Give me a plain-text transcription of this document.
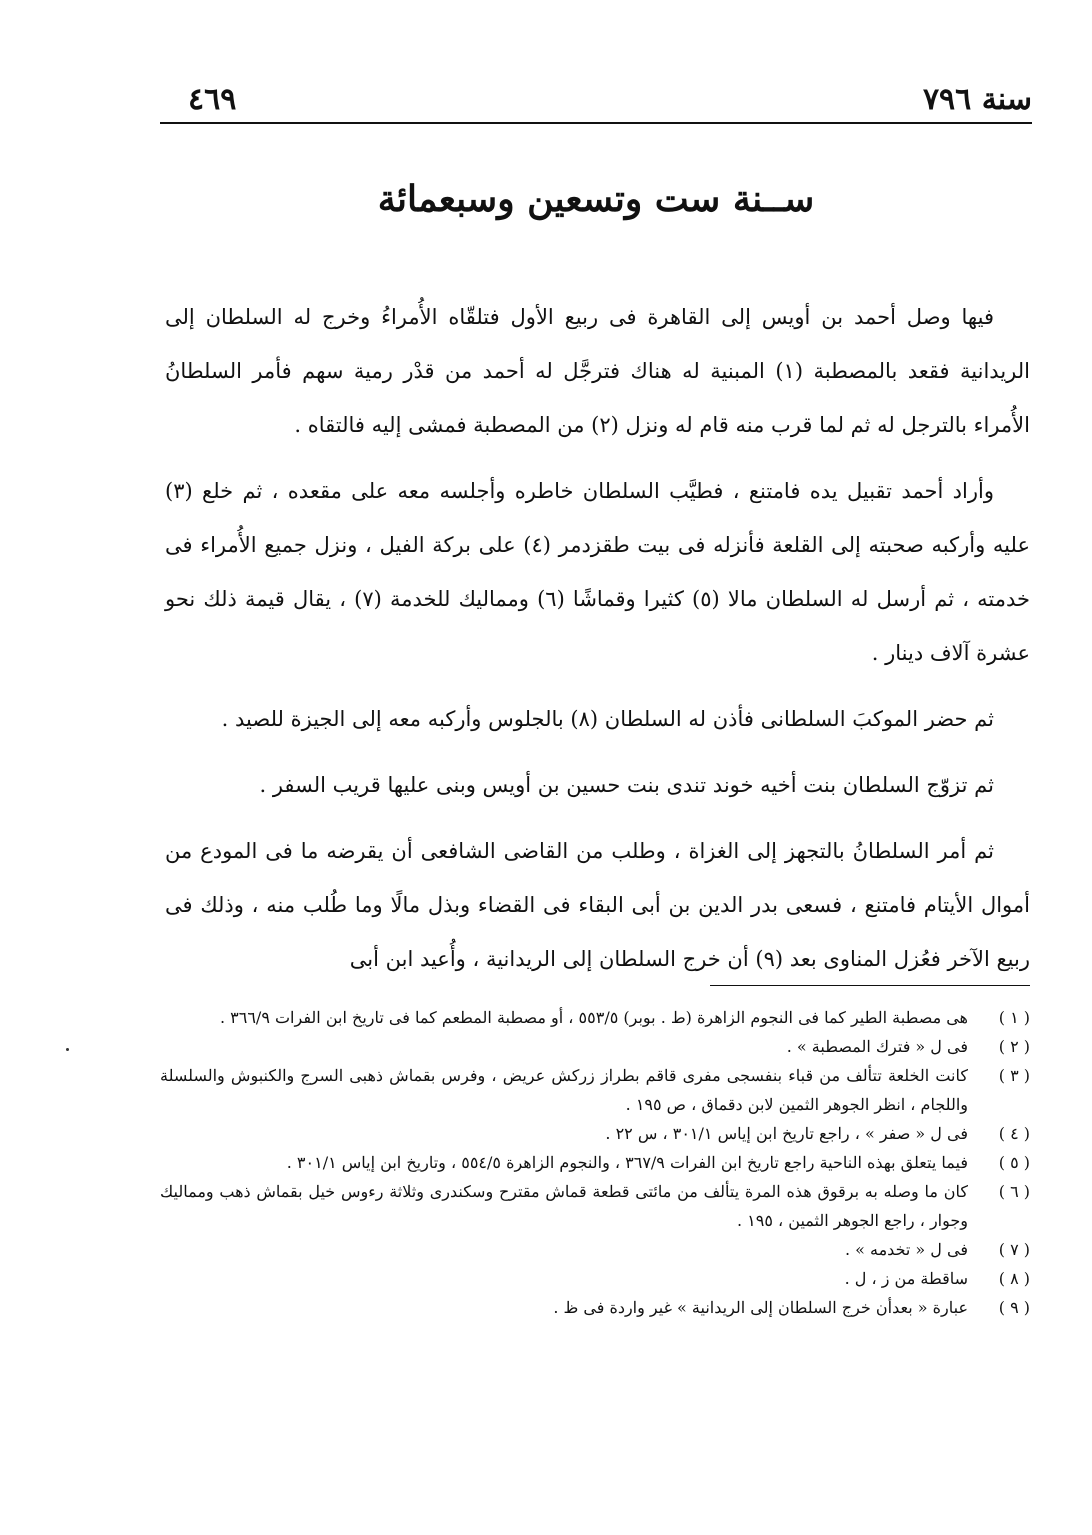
٤٦٩	سنة ٧٩٦
ســنة ست وتسعين وسبعمائة

فيها وصل أحمد بن أويس إلى القاهرة فى ربيع الأول فتلقّاه الأُمراءُ وخرج له السلطان إلى الريدانية فقعد بالمصطبة (١) المبنية له هناك فترجَّل له أحمد من قدْر رمية سهم فأمر السلطانُ الأُمراء بالترجل له ثم لما قرب منه قام له ونزل (٢) من المصطبة فمشى إليه فالتقاه .

وأراد أحمد تقبيل يده فامتنع ، فطيَّب السلطان خاطره وأجلسه معه على مقعده ، ثم خلع (٣) عليه وأركبه صحبته إلى القلعة فأنزله فى بيت طقزدمر (٤) على بركة الفيل ، ونزل جميع الأُمراء فى خدمته ، ثم أرسل له السلطان مالا (٥) كثيرا وقماشًا (٦) ومماليك للخدمة (٧) ، يقال قيمة ذلك نحو عشرة آلاف دينار .

ثم حضر الموكبَ السلطانى فأذن له السلطان (٨) بالجلوس وأركبه معه إلى الجيزة للصيد .

ثم تزوّج السلطان بنت أخيه خوند تندى بنت حسين بن أويس وبنى عليها قريب السفر .

ثم أمر السلطانُ بالتجهز إلى الغزاة ، وطلب من القاضى الشافعى أن يقرضه ما فى المودع من أموال الأيتام فامتنع ، فسعى بدر الدين بن أبى البقاء فى القضاء وبذل مالًا وما طُلب منه ، وذلك فى ربيع الآخر فعُزل المناوى بعد (٩) أن خرج السلطان إلى الريدانية ، وأُعيد ابن أبى

( ١ )
هى مصطبة الطير كما فى النجوم الزاهرة (ط . بوبر) ٥٥٣/٥ ، أو مصطبة المطعم كما فى تاريخ ابن الفرات ٣٦٦/٩ .
( ٢ )
فى ل « فترك المصطبة » .
( ٣ )
كانت الخلعة تتألف من قباء بنفسجى مفرى قاقم بطراز زركش عريض ، وفرس بقماش ذهبى السرج والكنبوش والسلسلة واللجام ، انظر الجوهر الثمين لابن دقماق ، ص ١٩٥ .
( ٤ )
فى ل « صفر » ، راجع تاريخ ابن إياس ٣٠١/١ ، س ٢٢ .
( ٥ )
فيما يتعلق بهذه الناحية راجع تاريخ ابن الفرات ٣٦٧/٩ ، والنجوم الزاهرة ٥٥٤/٥ ، وتاريخ ابن إياس ٣٠١/١ .
( ٦ )
كان ما وصله به برقوق هذه المرة يتألف من مائتى قطعة قماش مقترح وسكندرى وثلاثة رءوس خيل بقماش ذهب ومماليك وجوار ، راجع الجوهر الثمين ، ١٩٥ .
( ٧ )
فى ل « تخدمه » .
( ٨ )
ساقطة من ز ، ل .
( ٩ )
عبارة « بعدأن خرج السلطان إلى الريدانية » غير واردة فى ظ .
